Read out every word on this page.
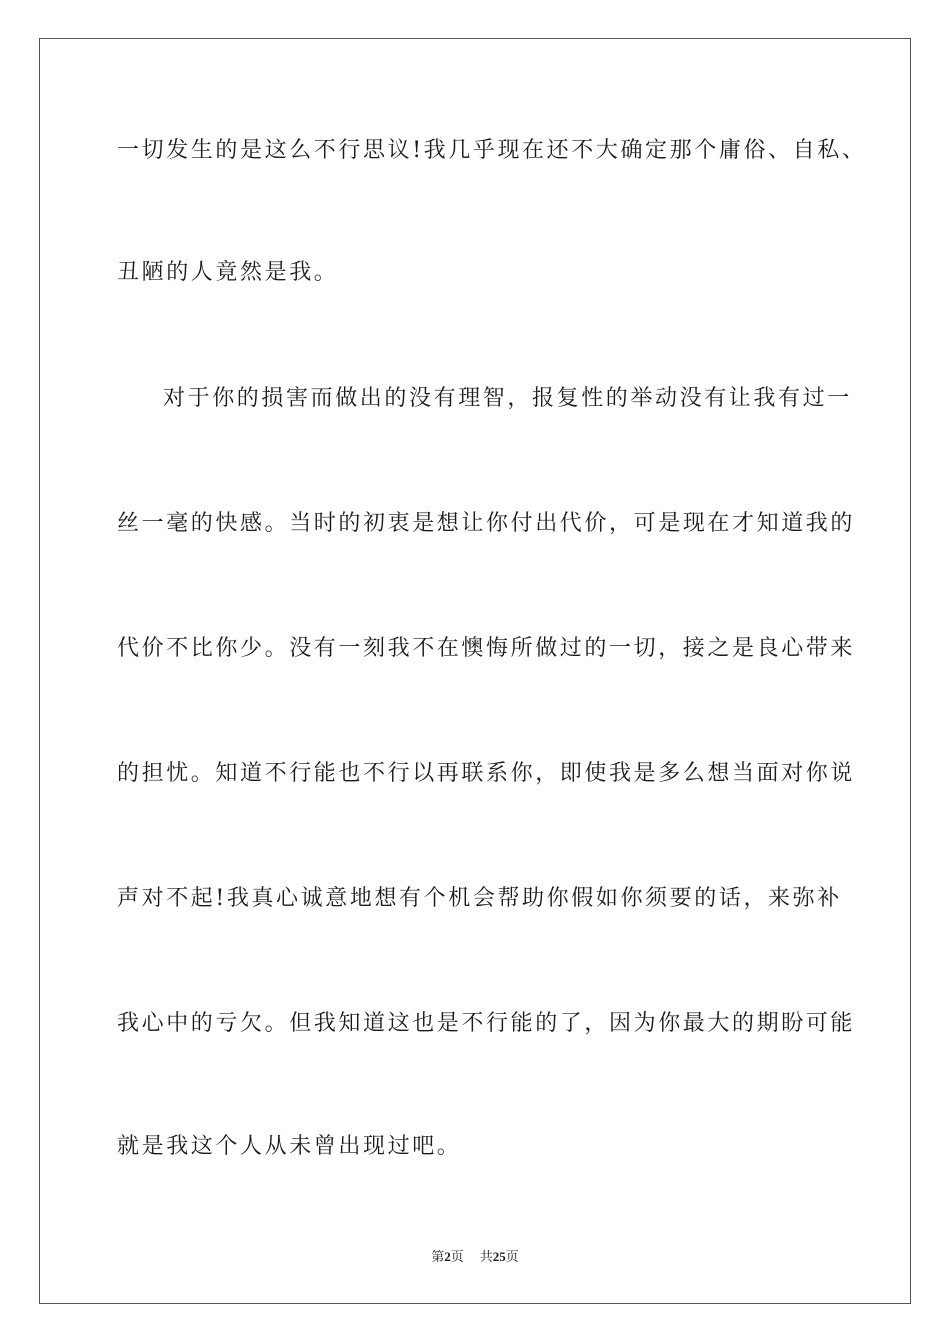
一切发生的是这么不行思议!我几乎现在还不大确定那个庸俗、自私、
丑陋的人竟然是我。
对于你的损害而做出的没有理智，报复性的举动没有让我有过一
丝一毫的快感。当时的初衷是想让你付出代价，可是现在才知道我的
代价不比你少。没有一刻我不在懊悔所做过的一切，接之是良心带来
的担忧。知道不行能也不行以再联系你，即使我是多么想当面对你说
声对不起!我真心诚意地想有个机会帮助你假如你须要的话，来弥补
我心中的亏欠。但我知道这也是不行能的了，因为你最大的期盼可能
就是我这个人从未曾出现过吧。
第2页 共25页
